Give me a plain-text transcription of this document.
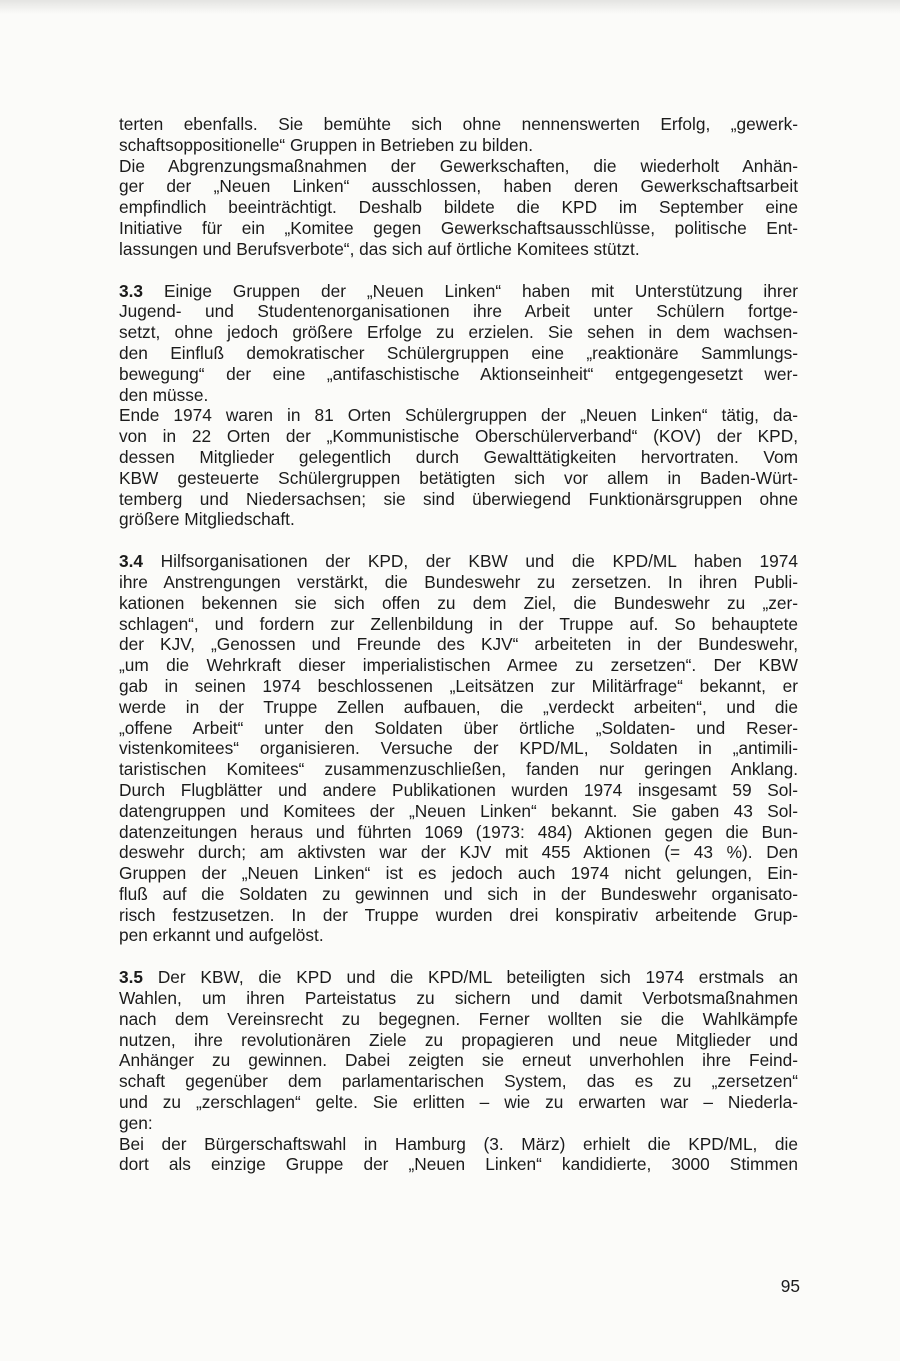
terten ebenfalls. Sie bemühte sich ohne nennenswerten Erfolg, „gewerk-
schaftsoppositionelle“ Gruppen in Betrieben zu bilden.
Die Abgrenzungsmaßnahmen der Gewerkschaften, die wiederholt Anhän-
ger der „Neuen Linken“ ausschlossen, haben deren Gewerkschaftsarbeit
empfindlich beeinträchtigt. Deshalb bildete die KPD im September eine
Initiative für ein „Komitee gegen Gewerkschaftsausschlüsse, politische Ent-
lassungen und Berufsverbote“, das sich auf örtliche Komitees stützt.
3.3 Einige Gruppen der „Neuen Linken“ haben mit Unterstützung ihrer
Jugend- und Studentenorganisationen ihre Arbeit unter Schülern fortge-
setzt, ohne jedoch größere Erfolge zu erzielen. Sie sehen in dem wachsen-
den Einfluß demokratischer Schülergruppen eine „reaktionäre Sammlungs-
bewegung“ der eine „antifaschistische Aktionseinheit“ entgegengesetzt wer-
den müsse.
Ende 1974 waren in 81 Orten Schülergruppen der „Neuen Linken“ tätig, da-
von in 22 Orten der „Kommunistische Oberschülerverband“ (KOV) der KPD,
dessen Mitglieder gelegentlich durch Gewalttätigkeiten hervortraten. Vom
KBW gesteuerte Schülergruppen betätigten sich vor allem in Baden-Würt-
temberg und Niedersachsen; sie sind überwiegend Funktionärsgruppen ohne
größere Mitgliedschaft.
3.4 Hilfsorganisationen der KPD, der KBW und die KPD/ML haben 1974
ihre Anstrengungen verstärkt, die Bundeswehr zu zersetzen. In ihren Publi-
kationen bekennen sie sich offen zu dem Ziel, die Bundeswehr zu „zer-
schlagen“, und fordern zur Zellenbildung in der Truppe auf. So behauptete
der KJV, „Genossen und Freunde des KJV“ arbeiteten in der Bundeswehr,
„um die Wehrkraft dieser imperialistischen Armee zu zersetzen“. Der KBW
gab in seinen 1974 beschlossenen „Leitsätzen zur Militärfrage“ bekannt, er
werde in der Truppe Zellen aufbauen, die „verdeckt arbeiten“, und die
„offene Arbeit“ unter den Soldaten über örtliche „Soldaten- und Reser-
vistenkomitees“ organisieren. Versuche der KPD/ML, Soldaten in „antimili-
taristischen Komitees“ zusammenzuschließen, fanden nur geringen Anklang.
Durch Flugblätter und andere Publikationen wurden 1974 insgesamt 59 Sol-
datengruppen und Komitees der „Neuen Linken“ bekannt. Sie gaben 43 Sol-
datenzeitungen heraus und führten 1069 (1973: 484) Aktionen gegen die Bun-
deswehr durch; am aktivsten war der KJV mit 455 Aktionen (= 43 %). Den
Gruppen der „Neuen Linken“ ist es jedoch auch 1974 nicht gelungen, Ein-
fluß auf die Soldaten zu gewinnen und sich in der Bundeswehr organisato-
risch festzusetzen. In der Truppe wurden drei konspirativ arbeitende Grup-
pen erkannt und aufgelöst.
3.5 Der KBW, die KPD und die KPD/ML beteiligten sich 1974 erstmals an
Wahlen, um ihren Parteistatus zu sichern und damit Verbotsmaßnahmen
nach dem Vereinsrecht zu begegnen. Ferner wollten sie die Wahlkämpfe
nutzen, ihre revolutionären Ziele zu propagieren und neue Mitglieder und
Anhänger zu gewinnen. Dabei zeigten sie erneut unverhohlen ihre Feind-
schaft gegenüber dem parlamentarischen System, das es zu „zersetzen“
und zu „zerschlagen“ gelte. Sie erlitten – wie zu erwarten war – Niederla-
gen:
Bei der Bürgerschaftswahl in Hamburg (3. März) erhielt die KPD/ML, die
dort als einzige Gruppe der „Neuen Linken“ kandidierte, 3000 Stimmen
95
